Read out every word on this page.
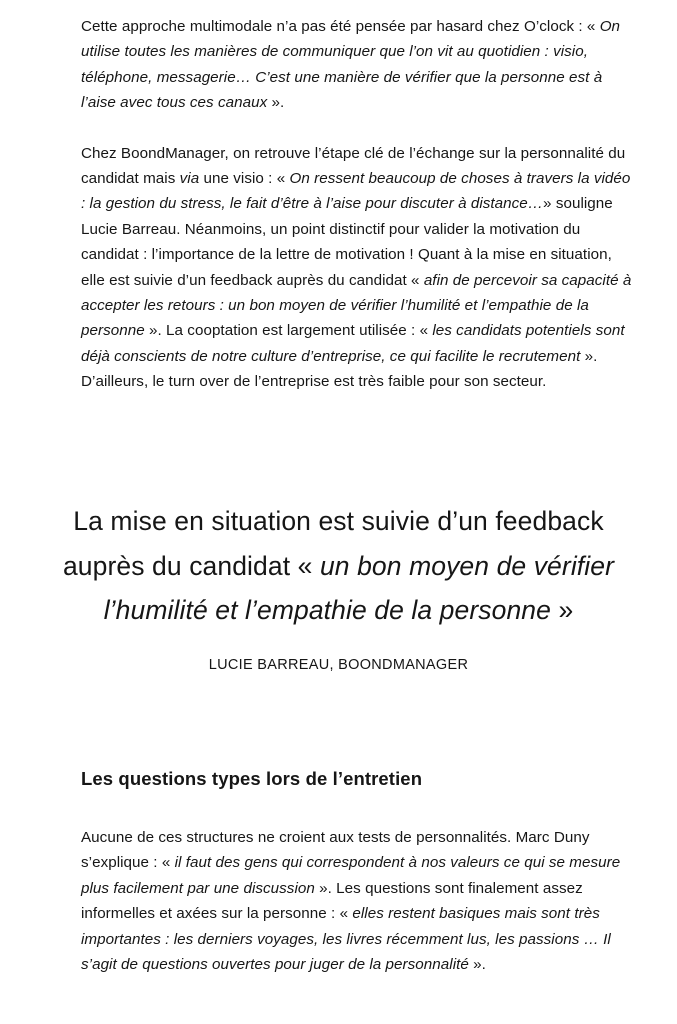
Cette approche multimodale n’a pas été pensée par hasard chez O’clock : « On utilise toutes les manières de communiquer que l’on vit au quotidien : visio, téléphone, messagerie… C’est une manière de vérifier que la personne est à l’aise avec tous ces canaux ».

Chez BoondManager, on retrouve l’étape clé de l’échange sur la personnalité du candidat mais via une visio : « On ressent beaucoup de choses à travers la vidéo : la gestion du stress, le fait d’être à l’aise pour discuter à distance…» souligne Lucie Barreau. Néanmoins, un point distinctif pour valider la motivation du candidat : l’importance de la lettre de motivation ! Quant à la mise en situation, elle est suivie d’un feedback auprès du candidat « afin de percevoir sa capacité à accepter les retours : un bon moyen de vérifier l’humilité et l’empathie de la personne ». La cooptation est largement utilisée : « les candidats potentiels sont déjà conscients de notre culture d’entreprise, ce qui facilite le recrutement ». D’ailleurs, le turn over de l’entreprise est très faible pour son secteur.

La mise en situation est suivie d’un feedback auprès du candidat « un bon moyen de vérifier l’humilité et l’empathie de la personne »

LUCIE BARREAU, BOONDMANAGER

Les questions types lors de l’entretien

Aucune de ces structures ne croient aux tests de personnalités. Marc Duny s’explique : « il faut des gens qui correspondent à nos valeurs ce qui se mesure plus facilement par une discussion ». Les questions sont finalement assez informelles et axées sur la personne : « elles restent basiques mais sont très importantes : les derniers voyages, les livres récemment lus, les passions … Il s’agit de questions ouvertes pour juger de la personnalité ».
